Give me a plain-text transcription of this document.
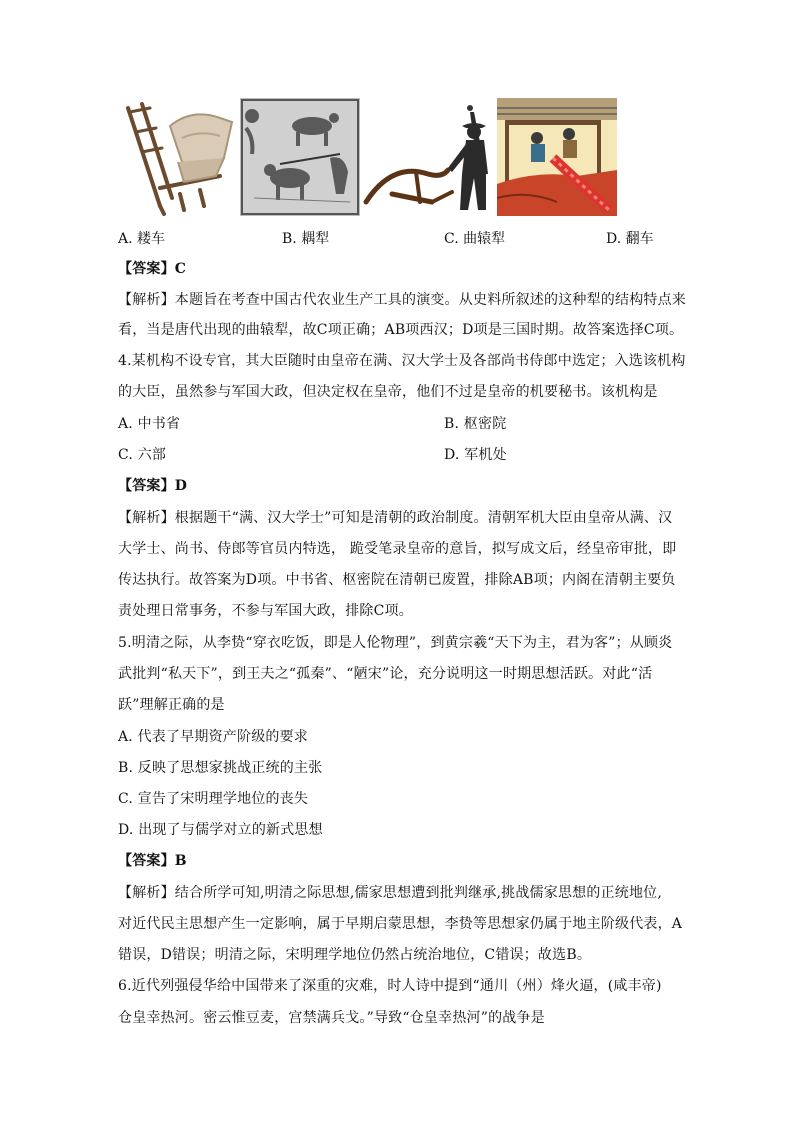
A. 耧车	B. 耦犁	C. 曲辕犁	D. 翻车
【答案】C
【解析】本题旨在考查中国古代农业生产工具的演变。从史料所叙述的这种犁的结构特点来
看，当是唐代出现的曲辕犁，故C项正确；AB项西汉；D项是三国时期。故答案选择C项。
4.某机构不设专官，其大臣随时由皇帝在满、汉大学士及各部尚书侍郎中选定；入选该机构
的大臣，虽然参与军国大政，但决定权在皇帝，他们不过是皇帝的机要秘书。该机构是
A. 中书省	B. 枢密院
C. 六部	D. 军机处
【答案】D
【解析】根据题干“满、汉大学士”可知是清朝的政治制度。清朝军机大臣由皇帝从满、汉
大学士、尚书、侍郎等官员内特选， 跪受笔录皇帝的意旨，拟写成文后，经皇帝审批，即
传达执行。故答案为D项。中书省、枢密院在清朝已废置，排除AB项；内阁在清朝主要负
责处理日常事务，不参与军国大政，排除C项。
5.明清之际，从李贽“穿衣吃饭，即是人伦物理”，到黄宗羲“天下为主，君为客”；从顾炎
武批判“私天下”，到王夫之“孤秦”、“陋宋”论，充分说明这一时期思想活跃。对此“活
跃”理解正确的是
A. 代表了早期资产阶级的要求
B. 反映了思想家挑战正统的主张
C. 宣告了宋明理学地位的丧失
D. 出现了与儒学对立的新式思想
【答案】B
【解析】结合所学可知,明清之际思想,儒家思想遭到批判继承,挑战儒家思想的正统地位,
对近代民主思想产生一定影响，属于早期启蒙思想，李贽等思想家仍属于地主阶级代表，A
错误，D错误；明清之际，宋明理学地位仍然占统治地位，C错误；故选B。
6.近代列强侵华给中国带来了深重的灾难，时人诗中提到“通川（州）烽火逼，(咸丰帝)
仓皇幸热河。密云惟豆麦，宫禁满兵戈。”导致“仓皇幸热河”的战争是
